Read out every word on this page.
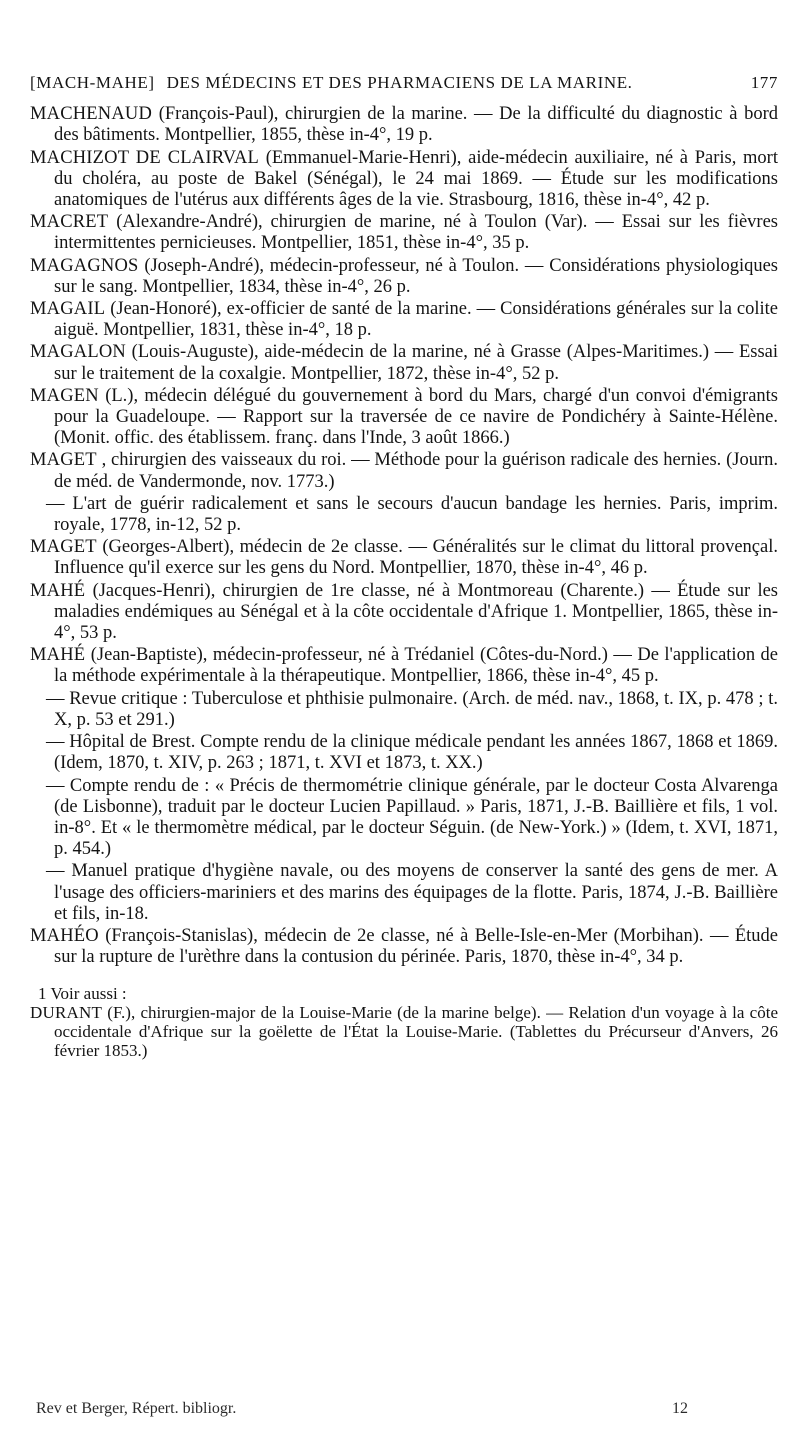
[MACH-MAHE] DES MÉDECINS ET DES PHARMACIENS DE LA MARINE.	177
MACHENAUD (François-Paul), chirurgien de la marine. — De la difficulté du diagnostic à bord des bâtiments. Montpellier, 1855, thèse in-4°, 19 p.
MACHIZOT DE CLAIRVAL (Emmanuel-Marie-Henri), aide-médecin auxiliaire, né à Paris, mort du choléra, au poste de Bakel (Sénégal), le 24 mai 1869. — Étude sur les modifications anatomiques de l'utérus aux différents âges de la vie. Strasbourg, 1816, thèse in-4°, 42 p.
MACRET (Alexandre-André), chirurgien de marine, né à Toulon (Var). — Essai sur les fièvres intermittentes pernicieuses. Montpellier, 1851, thèse in-4°, 35 p.
MAGAGNOS (Joseph-André), médecin-professeur, né à Toulon. — Considérations physiologiques sur le sang. Montpellier, 1834, thèse in-4°, 26 p.
MAGAIL (Jean-Honoré), ex-officier de santé de la marine. — Considérations générales sur la colite aiguë. Montpellier, 1831, thèse in-4°, 18 p.
MAGALON (Louis-Auguste), aide-médecin de la marine, né à Grasse (Alpes-Maritimes.) — Essai sur le traitement de la coxalgie. Montpellier, 1872, thèse in-4°, 52 p.
MAGEN (L.), médecin délégué du gouvernement à bord du Mars, chargé d'un convoi d'émigrants pour la Guadeloupe. — Rapport sur la traversée de ce navire de Pondichéry à Sainte-Hélène. (Monit. offic. des établissem. franç. dans l'Inde, 3 août 1866.)
MAGET , chirurgien des vaisseaux du roi. — Méthode pour la guérison radicale des hernies. (Journ. de méd. de Vandermonde, nov. 1773.)
— L'art de guérir radicalement et sans le secours d'aucun bandage les hernies. Paris, imprim. royale, 1778, in-12, 52 p.
MAGET (Georges-Albert), médecin de 2e classe. — Généralités sur le climat du littoral provençal. Influence qu'il exerce sur les gens du Nord. Montpellier, 1870, thèse in-4°, 46 p.
MAHÉ (Jacques-Henri), chirurgien de 1re classe, né à Montmoreau (Charente.) — Étude sur les maladies endémiques au Sénégal et à la côte occidentale d'Afrique 1. Montpellier, 1865, thèse in-4°, 53 p.
MAHÉ (Jean-Baptiste), médecin-professeur, né à Trédaniel (Côtes-du-Nord.) — De l'application de la méthode expérimentale à la thérapeutique. Montpellier, 1866, thèse in-4°, 45 p.
— Revue critique : Tuberculose et phthisie pulmonaire. (Arch. de méd. nav., 1868, t. IX, p. 478 ; t. X, p. 53 et 291.)
— Hôpital de Brest. Compte rendu de la clinique médicale pendant les années 1867, 1868 et 1869. (Idem, 1870, t. XIV, p. 263 ; 1871, t. XVI et 1873, t. XX.)
— Compte rendu de : « Précis de thermométrie clinique générale, par le docteur Costa Alvarenga (de Lisbonne), traduit par le docteur Lucien Papillaud. » Paris, 1871, J.-B. Baillière et fils, 1 vol. in-8°. Et « le thermomètre médical, par le docteur Séguin. (de New-York.) » (Idem, t. XVI, 1871, p. 454.)
— Manuel pratique d'hygiène navale, ou des moyens de conserver la santé des gens de mer. A l'usage des officiers-mariniers et des marins des équipages de la flotte. Paris, 1874, J.-B. Baillière et fils, in-18.
MAHÉO (François-Stanislas), médecin de 2e classe, né à Belle-Isle-en-Mer (Morbihan). — Étude sur la rupture de l'urèthre dans la contusion du périnée. Paris, 1870, thèse in-4°, 34 p.
1 Voir aussi :
DURANT (F.), chirurgien-major de la Louise-Marie (de la marine belge). — Relation d'un voyage à la côte occidentale d'Afrique sur la goëlette de l'État la Louise-Marie. (Tablettes du Précurseur d'Anvers, 26 février 1853.)
Rev et Berger, Répert. bibliogr.	12
